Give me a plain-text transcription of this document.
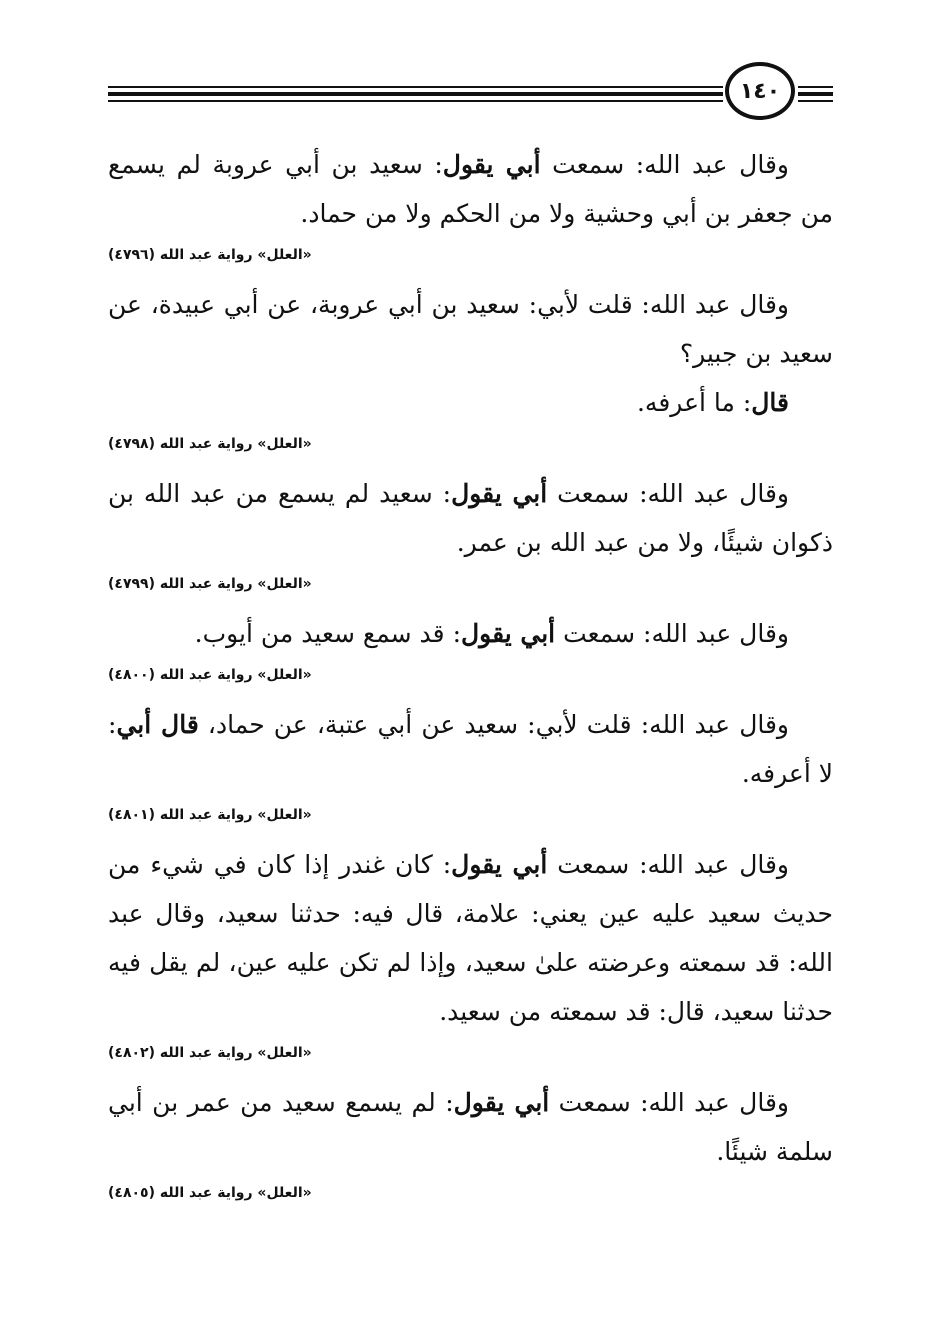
١٤٠

وقال عبد الله: سمعت أبي يقول: سعيد بن أبي عروبة لم يسمع من جعفر بن أبي وحشية ولا من الحكم ولا من حماد.

«العلل» رواية عبد الله (٤٧٩٦)

وقال عبد الله: قلت لأبي: سعيد بن أبي عروبة، عن أبي عبيدة، عن سعيد بن جبير؟

قال: ما أعرفه.

«العلل» رواية عبد الله (٤٧٩٨)

وقال عبد الله: سمعت أبي يقول: سعيد لم يسمع من عبد الله بن ذكوان شيئًا، ولا من عبد الله بن عمر.

«العلل» رواية عبد الله (٤٧٩٩)

وقال عبد الله: سمعت أبي يقول: قد سمع سعيد من أيوب.

«العلل» رواية عبد الله (٤٨٠٠)

وقال عبد الله: قلت لأبي: سعيد عن أبي عتبة، عن حماد، قال أبي: لا أعرفه.

«العلل» رواية عبد الله (٤٨٠١)

وقال عبد الله: سمعت أبي يقول: كان غندر إذا كان في شيء من حديث سعيد عليه عين يعني: علامة، قال فيه: حدثنا سعيد، وقال عبد الله: قد سمعته وعرضته علىٰ سعيد، وإذا لم تكن عليه عين، لم يقل فيه حدثنا سعيد، قال: قد سمعته من سعيد.

«العلل» رواية عبد الله (٤٨٠٢)

وقال عبد الله: سمعت أبي يقول: لم يسمع سعيد من عمر بن أبي سلمة شيئًا.

«العلل» رواية عبد الله (٤٨٠٥)
